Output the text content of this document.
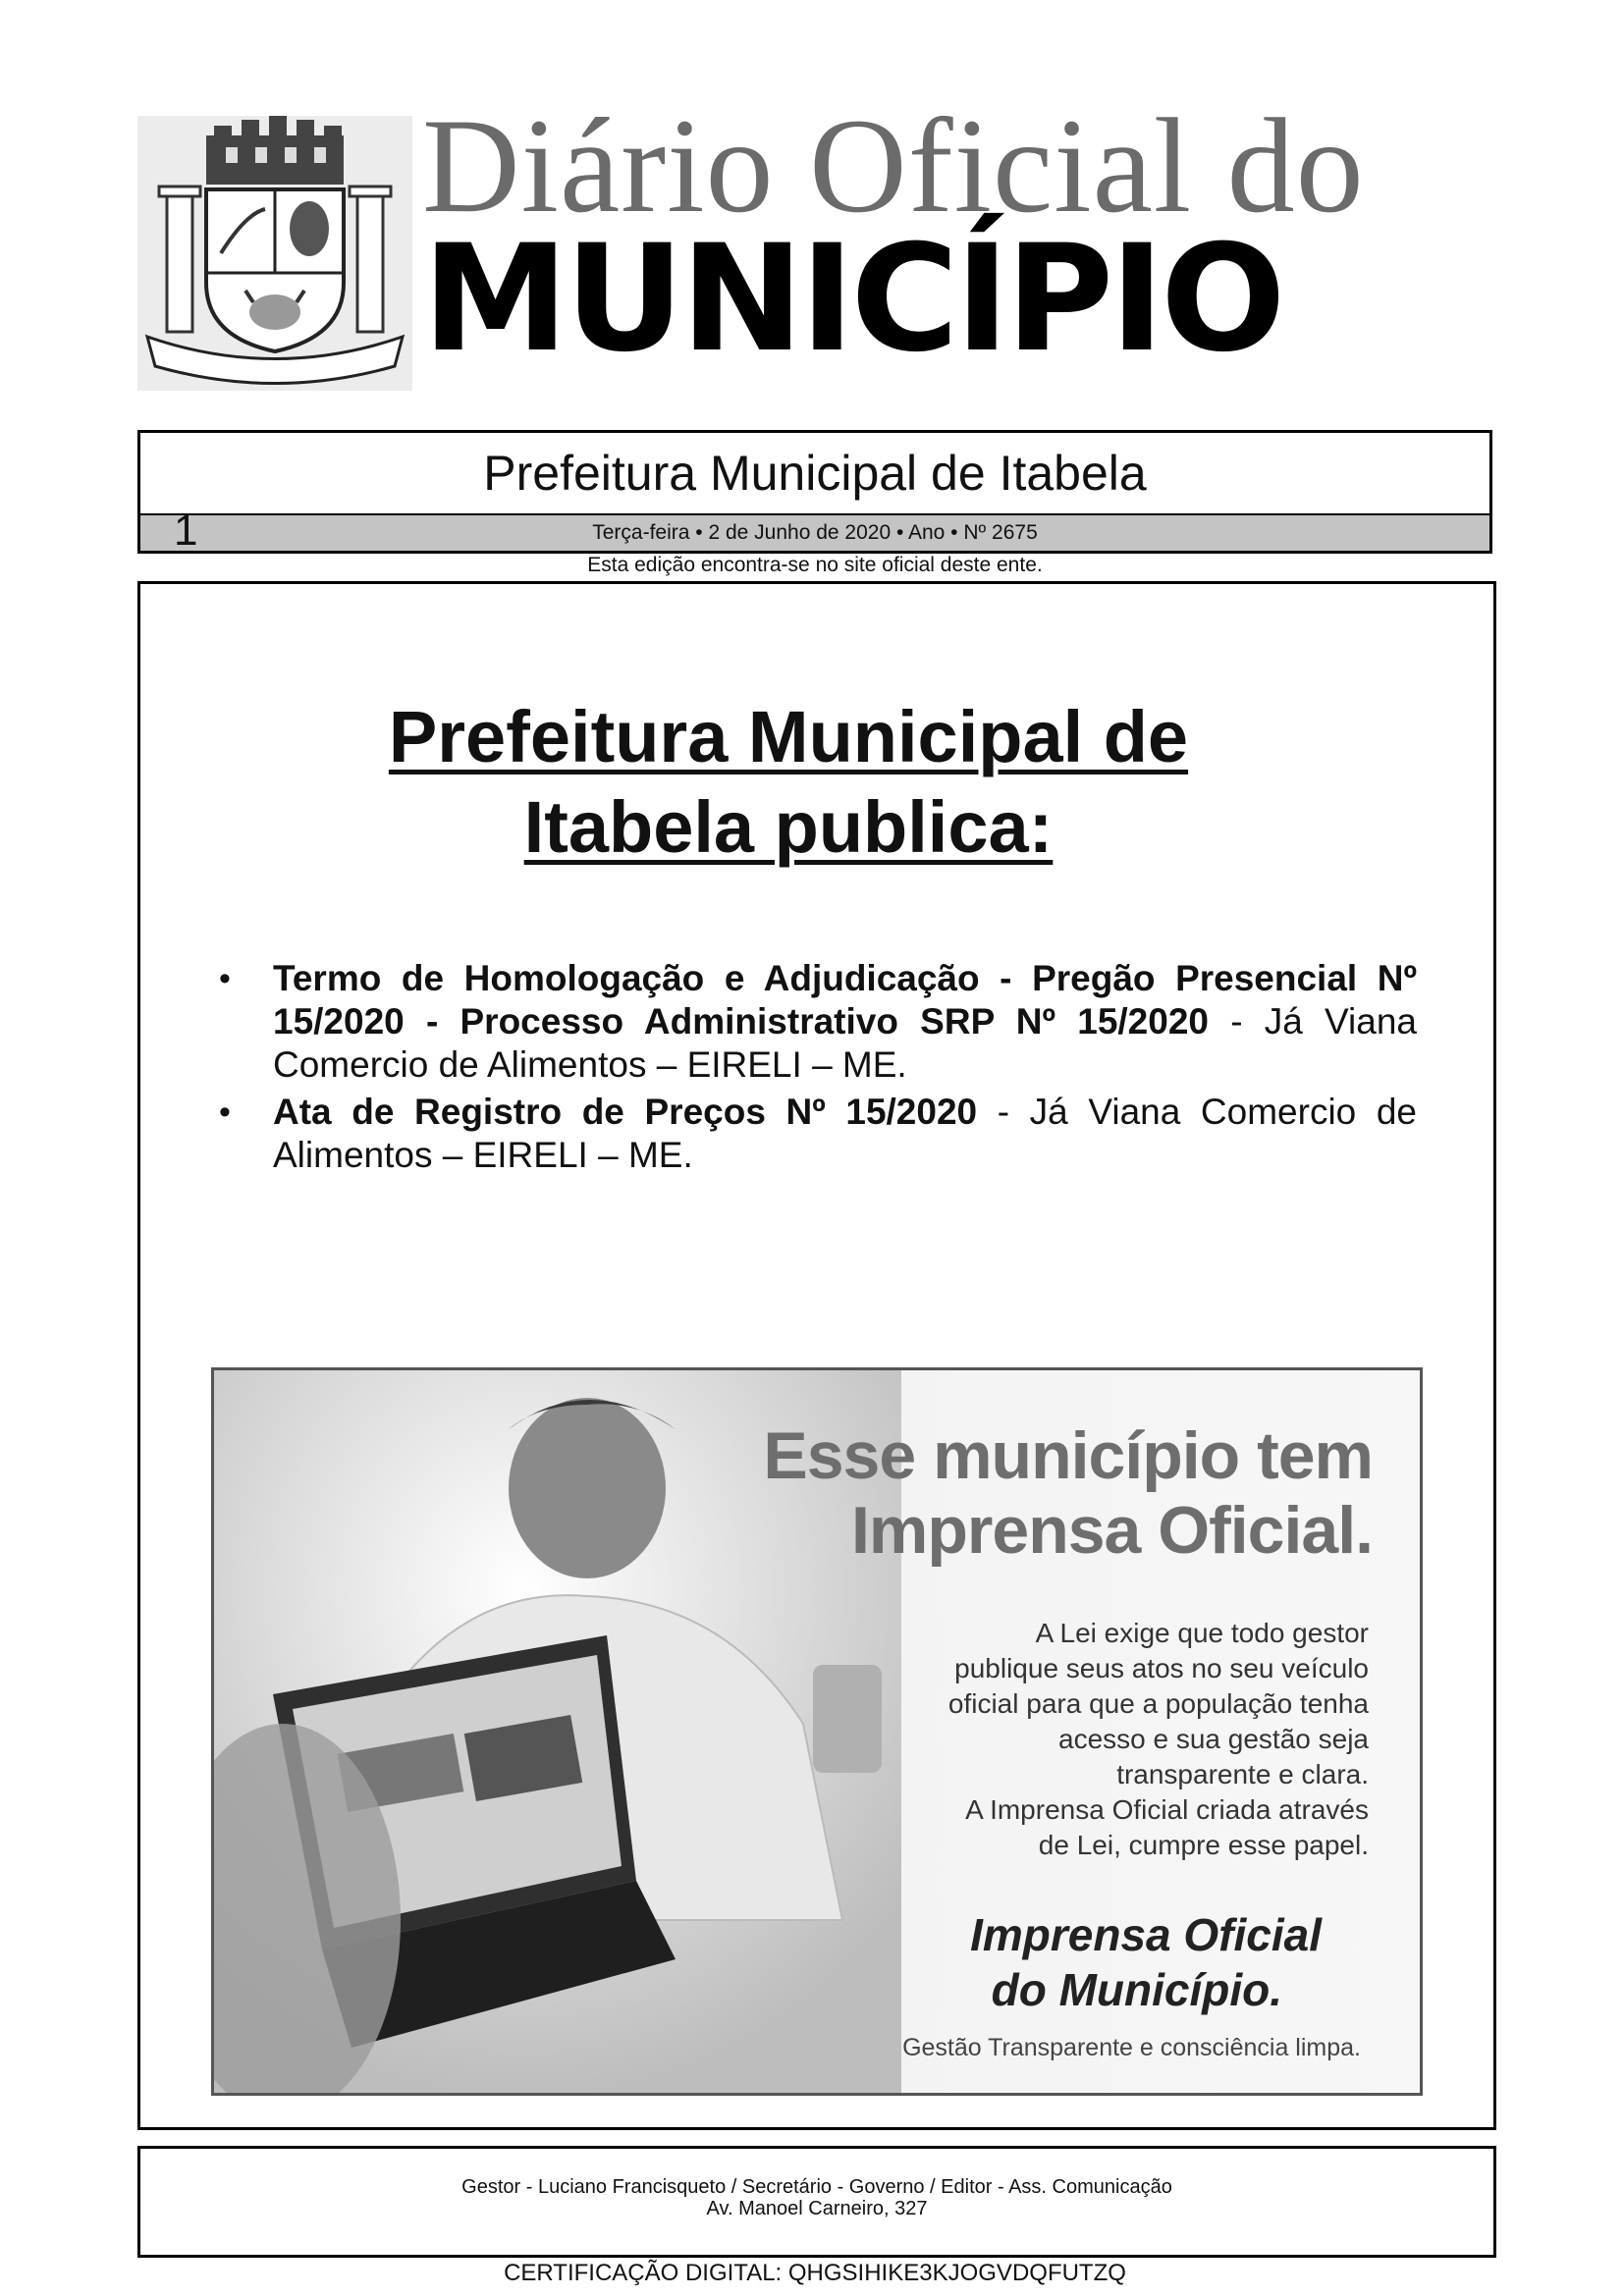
Diário Oficial do
MUNICÍPIO
Prefeitura Municipal de Itabela
1	Terça-feira • 2 de Junho de 2020 • Ano • Nº 2675
Esta edição encontra-se no site oficial deste ente.
Prefeitura Municipal de
Itabela publica:
• Termo de Homologação e Adjudicação - Pregão Presencial Nº 15/2020 - Processo Administrativo SRP Nº 15/2020 - Já Viana Comercio de Alimentos – EIRELI – ME.
• Ata de Registro de Preços Nº 15/2020 - Já Viana Comercio de Alimentos – EIRELI – ME.
Esse município tem
Imprensa Oficial.
A Lei exige que todo gestor
publique seus atos no seu veículo
oficial para que a população tenha
acesso e sua gestão seja
transparente e clara.
A Imprensa Oficial criada através
de Lei, cumpre esse papel.
Imprensa Oficial
do Município.
Gestão Transparente e consciência limpa.
Gestor - Luciano Francisqueto / Secretário - Governo / Editor - Ass. Comunicação
Av. Manoel Carneiro, 327
CERTIFICAÇÃO DIGITAL: QHGSIHIKE3KJOGVDQFUTZQ
